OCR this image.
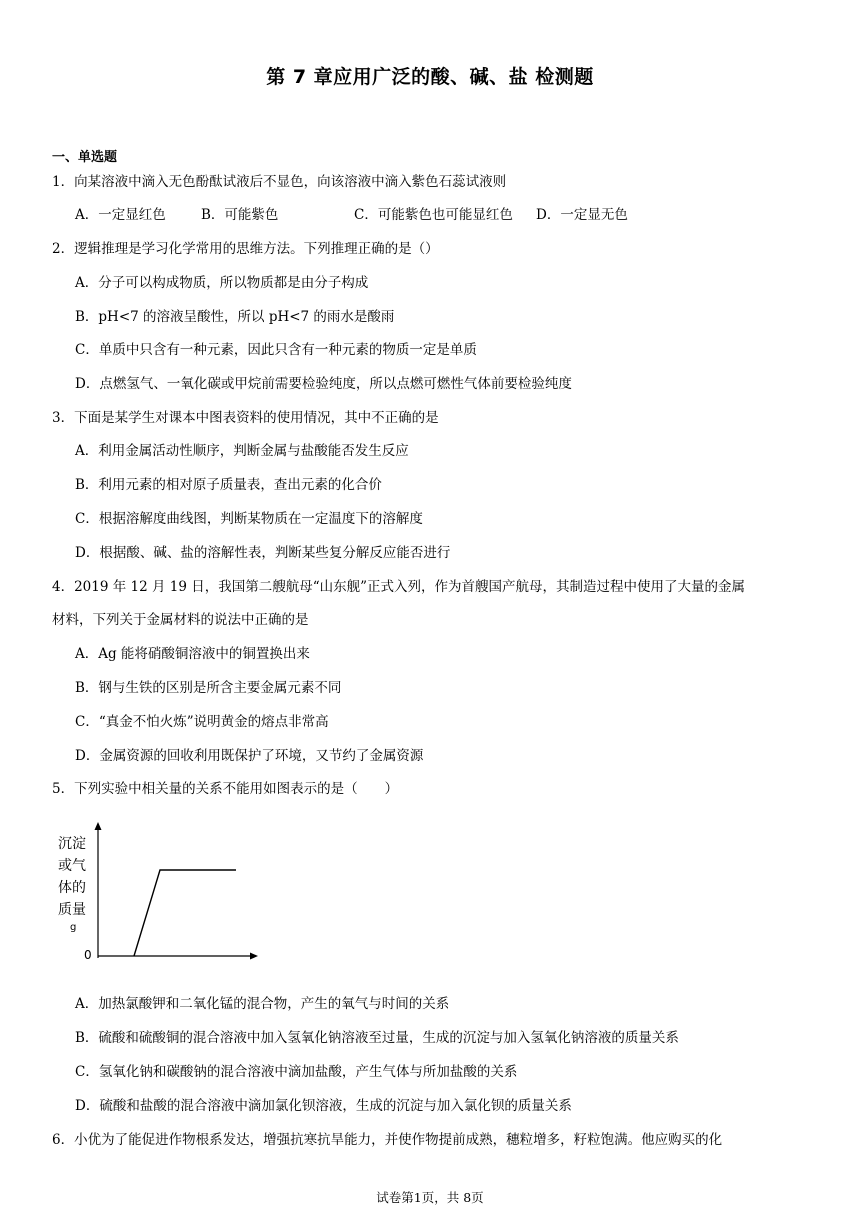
第 7 章应用广泛的酸、碱、盐 检测题
一、单选题
1．向某溶液中滴入无色酚酞试液后不显色，向该溶液中滴入紫色石蕊试液则
A．一定显红色	B．可能紫色	C．可能紫色也可能显红色 D．一定显无色
2．逻辑推理是学习化学常用的思维方法。下列推理正确的是（）
A．分子可以构成物质，所以物质都是由分子构成
B．pH<7 的溶液呈酸性，所以 pH<7 的雨水是酸雨
C．单质中只含有一种元素，因此只含有一种元素的物质一定是单质
D．点燃氢气、一氧化碳或甲烷前需要检验纯度，所以点燃可燃性气体前要检验纯度
3．下面是某学生对课本中图表资料的使用情况，其中不正确的是
A．利用金属活动性顺序，判断金属与盐酸能否发生反应
B．利用元素的相对原子质量表，查出元素的化合价
C．根据溶解度曲线图，判断某物质在一定温度下的溶解度
D．根据酸、碱、盐的溶解性表，判断某些复分解反应能否进行
4．2019 年 12 月 19 日，我国第二艘航母“山东舰”正式入列，作为首艘国产航母，其制造过程中使用了大量的金属
材料，下列关于金属材料的说法中正确的是
A．Ag 能将硝酸铜溶液中的铜置换出来
B．钢与生铁的区别是所含主要金属元素不同
C．“真金不怕火炼”说明黄金的熔点非常高
D．金属资源的回收利用既保护了环境，又节约了金属资源
5．下列实验中相关量的关系不能用如图表示的是（　　）
沉淀
或气
体的
质量
g
0
A．加热氯酸钾和二氧化锰的混合物，产生的氧气与时间的关系
B．硫酸和硫酸铜的混合溶液中加入氢氧化钠溶液至过量，生成的沉淀与加入氢氧化钠溶液的质量关系
C．氢氧化钠和碳酸钠的混合溶液中滴加盐酸，产生气体与所加盐酸的关系
D．硫酸和盐酸的混合溶液中滴加氯化钡溶液，生成的沉淀与加入氯化钡的质量关系
6．小优为了能促进作物根系发达，增强抗寒抗旱能力，并使作物提前成熟，穗粒增多，籽粒饱满。他应购买的化
试卷第1页，共 8页
